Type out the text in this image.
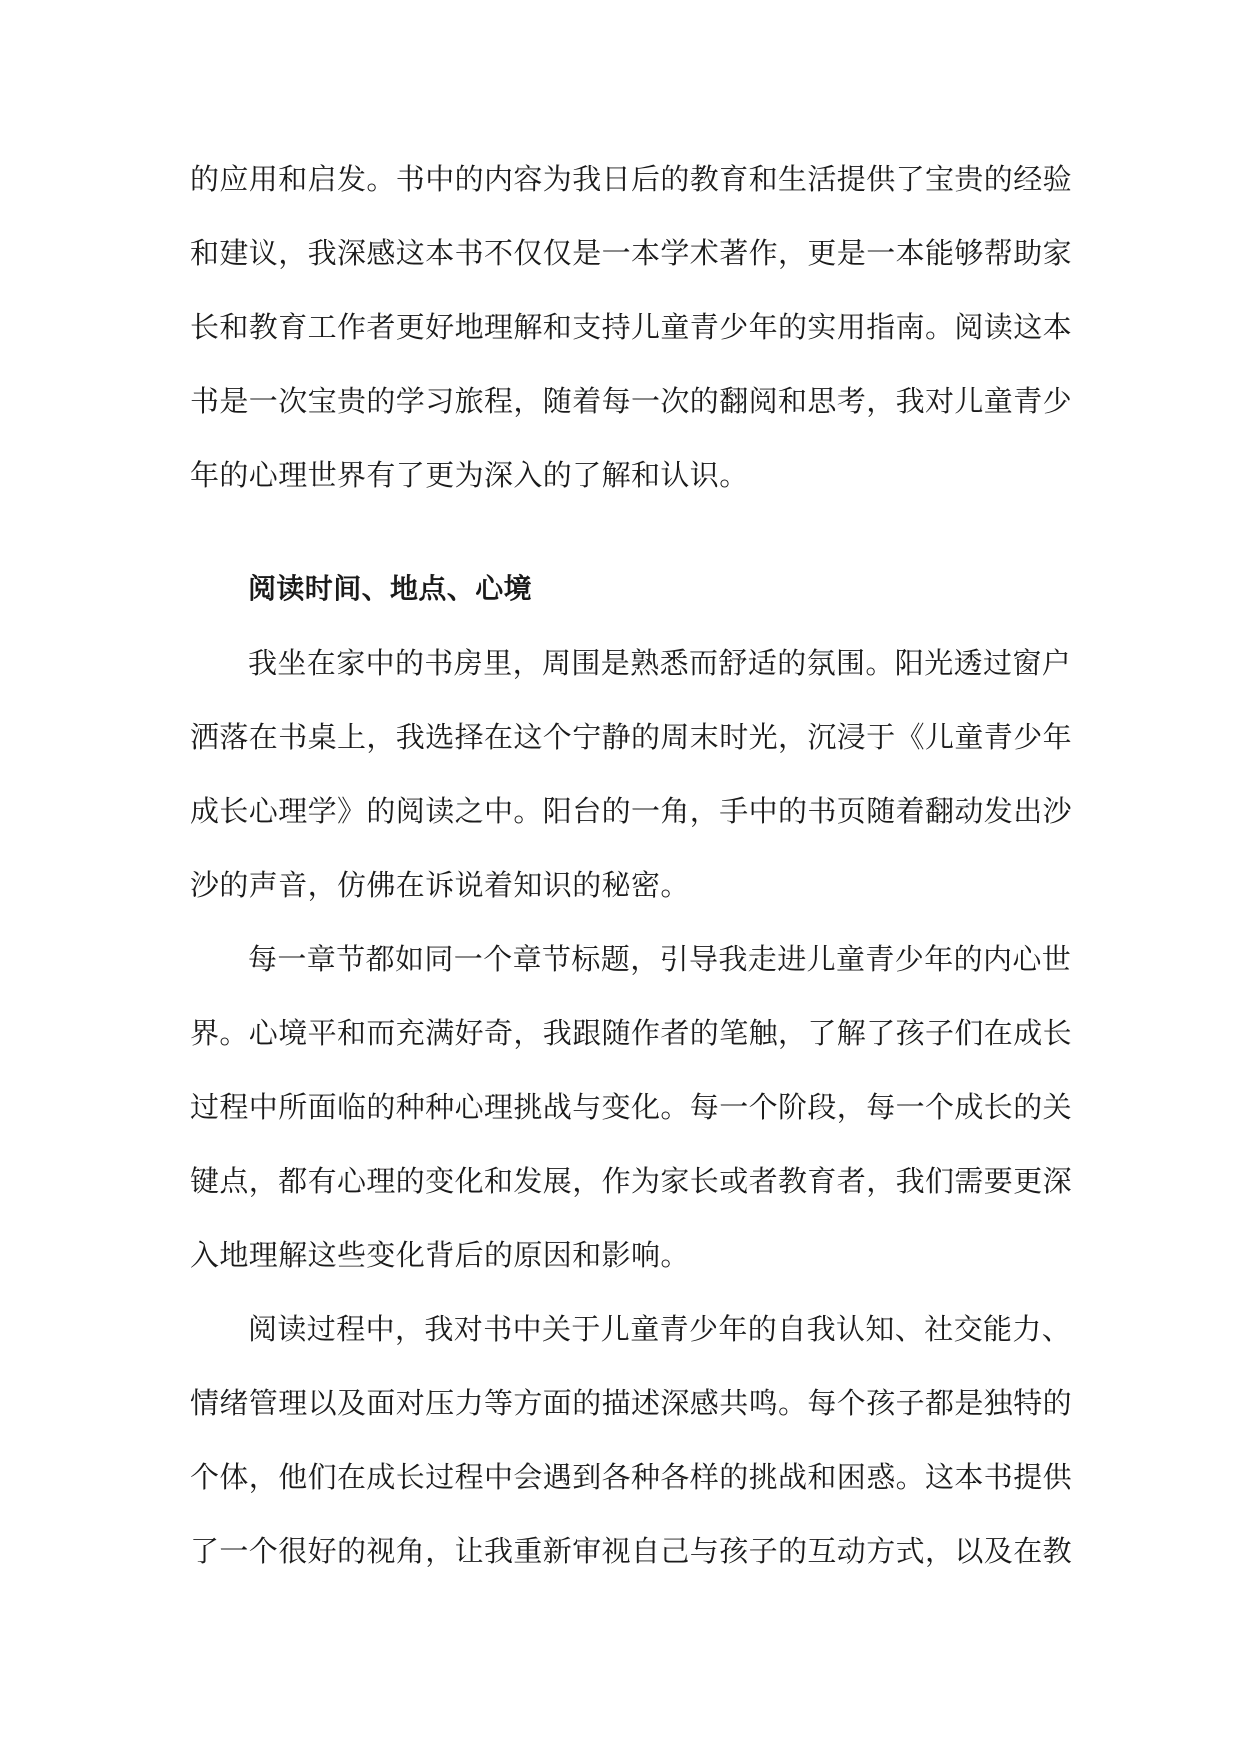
的应用和启发。书中的内容为我日后的教育和生活提供了宝贵的经验
和建议，我深感这本书不仅仅是一本学术著作，更是一本能够帮助家
长和教育工作者更好地理解和支持儿童青少年的实用指南。阅读这本
书是一次宝贵的学习旅程，随着每一次的翻阅和思考，我对儿童青少
年的心理世界有了更为深入的了解和认识。
阅读时间、地点、心境
我坐在家中的书房里，周围是熟悉而舒适的氛围。阳光透过窗户
洒落在书桌上，我选择在这个宁静的周末时光，沉浸于《儿童青少年
成长心理学》的阅读之中。阳台的一角，手中的书页随着翻动发出沙
沙的声音，仿佛在诉说着知识的秘密。
每一章节都如同一个章节标题，引导我走进儿童青少年的内心世
界。心境平和而充满好奇，我跟随作者的笔触，了解了孩子们在成长
过程中所面临的种种心理挑战与变化。每一个阶段，每一个成长的关
键点，都有心理的变化和发展，作为家长或者教育者，我们需要更深
入地理解这些变化背后的原因和影响。
阅读过程中，我对书中关于儿童青少年的自我认知、社交能力、
情绪管理以及面对压力等方面的描述深感共鸣。每个孩子都是独特的
个体，他们在成长过程中会遇到各种各样的挑战和困惑。这本书提供
了一个很好的视角，让我重新审视自己与孩子的互动方式，以及在教
